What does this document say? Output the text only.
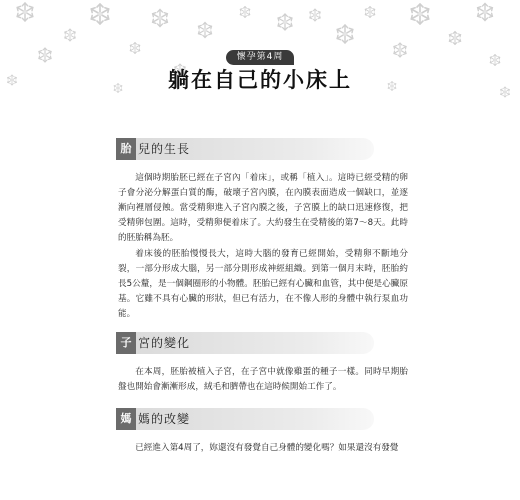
懷孕第4周
躺在自己的小床上
胎 兒的生長

這個時期胎胚已經在子宮內「着床」，或稱「植入」。這時已經受精的卵子會分泌分解蛋白質的酶，破壞子宮內膜，在內膜表面造成一個缺口，並逐漸向裡層侵蝕。當受精卵進入子宮內膜之後，子宮膜上的缺口迅速修復，把受精卵包圍。這時，受精卵便着床了。大約發生在受精後的第7～8天。此時的胚胎稱為胚。

着床後的胚胎慢慢長大，這時大腦的發育已經開始，受精卵不斷地分裂，一部分形成大腦，另一部分則形成神經組織。到第一個月末時，胚胎約長5公釐，是一個鋼圈形的小物體。胚胎已經有心臟和血管，其中便是心臟原基。它雖不具有心臟的形狀，但已有活力，在不像人形的身體中執行泵血功能。

子 宮的變化

在本周，胚胎被植入子宮，在子宮中就像雞蛋的種子一樣。同時早期胎盤也開始會漸漸形成，絨毛和臍帶也在這時候開始工作了。

媽 媽的改變

已經進入第4周了，妳還沒有發覺自己身體的變化嗎？如果還沒有發覺
